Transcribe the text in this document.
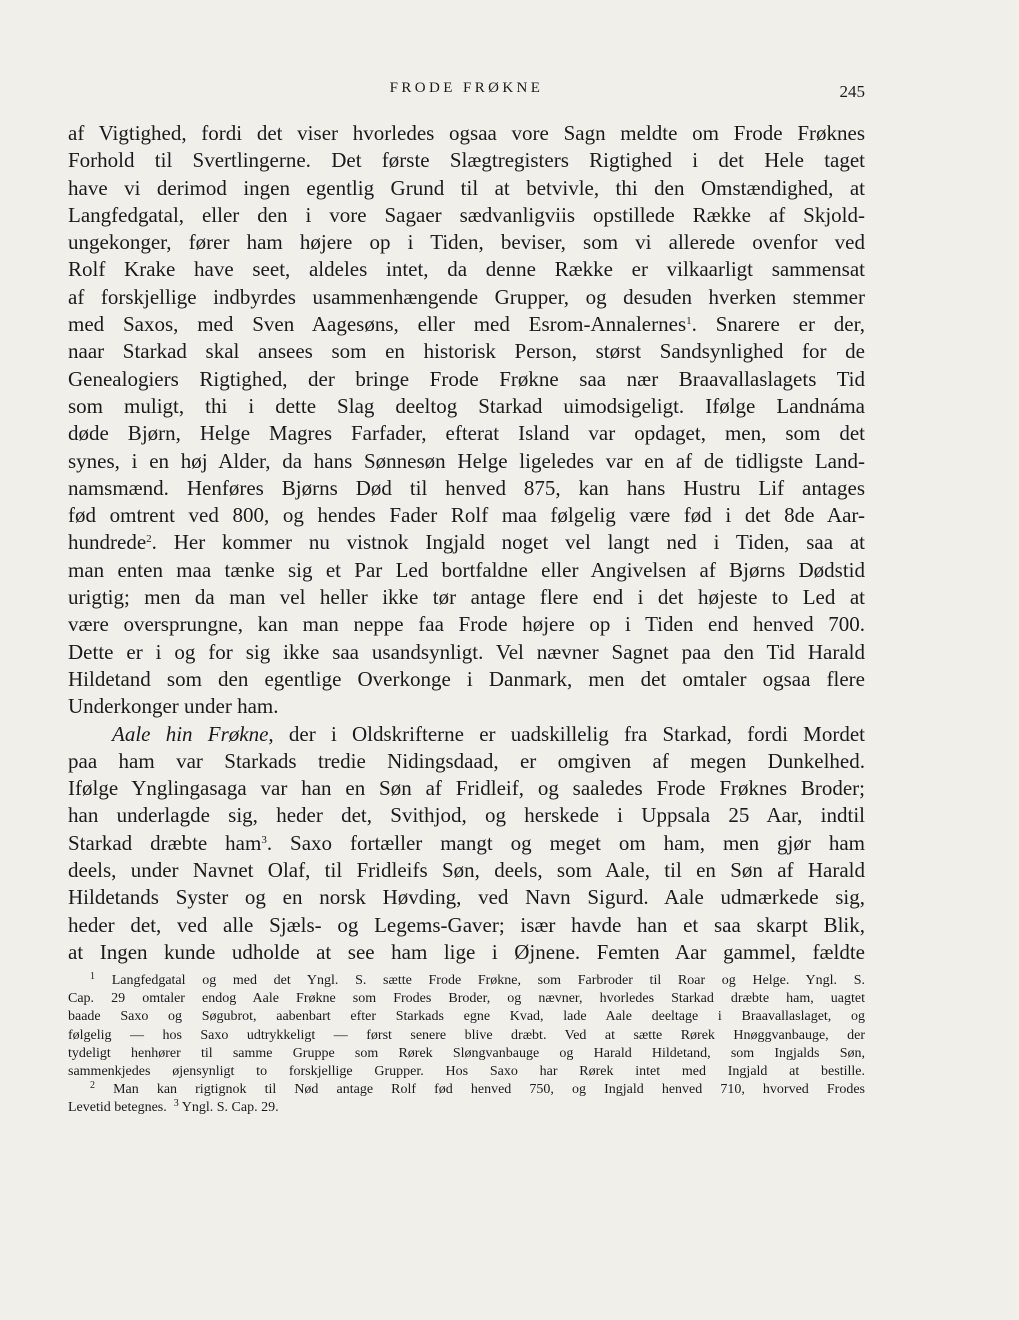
FRODE FRØKNE	245
af Vigtighed, fordi det viser hvorledes ogsaa vore Sagn meldte om Frode Frøknes
Forhold til Svertlingerne. Det første Slægtregisters Rigtighed i det Hele taget
have vi derimod ingen egentlig Grund til at betvivle, thi den Omstændighed, at
Langfedgatal, eller den i vore Sagaer sædvanligviis opstillede Række af Skjold-
ungekonger, fører ham højere op i Tiden, beviser, som vi allerede ovenfor ved
Rolf Krake have seet, aldeles intet, da denne Række er vilkaarligt sammensat
af forskjellige indbyrdes usammenhængende Grupper, og desuden hverken stemmer
med Saxos, med Sven Aagesøns, eller med Esrom-Annalernes$^1$. Snarere er der,
naar Starkad skal ansees som en historisk Person, størst Sandsynlighed for de
Genealogiers Rigtighed, der bringe Frode Frøkne saa nær Braavallaslagets Tid
som muligt, thi i dette Slag deeltog Starkad uimodsigeligt. Ifølge Landnáma
døde Bjørn, Helge Magres Farfader, efterat Island var opdaget, men, som det
synes, i en høj Alder, da hans Sønnesøn Helge ligeledes var en af de tidligste Land-
namsmænd. Henføres Bjørns Død til henved 875, kan hans Hustru Lif antages
fød omtrent ved 800, og hendes Fader Rolf maa følgelig være fød i det 8de Aar-
hundrede$^2$. Her kommer nu vistnok Ingjald noget vel langt ned i Tiden, saa at
man enten maa tænke sig et Par Led bortfaldne eller Angivelsen af Bjørns Dødstid
urigtig; men da man vel heller ikke tør antage flere end i det højeste to Led at
være oversprungne, kan man neppe faa Frode højere op i Tiden end henved 700.
Dette er i og for sig ikke saa usandsynligt. Vel nævner Sagnet paa den Tid Harald
Hildetand som den egentlige Overkonge i Danmark, men det omtaler ogsaa flere
Underkonger under ham.
Aale hin Frøkne, der i Oldskrifterne er uadskillelig fra Starkad, fordi Mordet
paa ham var Starkads tredie Nidingsdaad, er omgiven af megen Dunkelhed.
Ifølge Ynglingasaga var han en Søn af Fridleif, og saaledes Frode Frøknes Broder;
han underlagde sig, heder det, Svithjod, og herskede i Uppsala 25 Aar, indtil
Starkad dræbte ham$^3$. Saxo fortæller mangt og meget om ham, men gjør ham
deels, under Navnet Olaf, til Fridleifs Søn, deels, som Aale, til en Søn af Harald
Hildetands Syster og en norsk Høvding, ved Navn Sigurd. Aale udmærkede sig,
heder det, ved alle Sjæls- og Legems-Gaver; især havde han et saa skarpt Blik,
at Ingen kunde udholde at see ham lige i Øjnene. Femten Aar gammel, fældte
$^1$ Langfedgatal og med det Yngl. S. sætte Frode Frøkne, som Farbroder til Roar og Helge. Yngl. S.
Cap. 29 omtaler endog Aale Frøkne som Frodes Broder, og nævner, hvorledes Starkad dræbte ham, uagtet
baade Saxo og Søgubrot, aabenbart efter Starkads egne Kvad, lade Aale deeltage i Braavallaslaget, og
følgelig — hos Saxo udtrykkeligt — først senere blive dræbt. Ved at sætte Rørek Hnøggvanbauge, der
tydeligt henhører til samme Gruppe som Rørek Sløngvanbauge og Harald Hildetand, som Ingjalds Søn,
sammenkjedes øjensynligt to forskjellige Grupper. Hos Saxo har Rørek intet med Ingjald at bestille.
$^2$ Man kan rigtignok til Nød antage Rolf fød henved 750, og Ingjald henved 710, hvorved Frodes
Levetid betegnes. $^3$ Yngl. S. Cap. 29.
